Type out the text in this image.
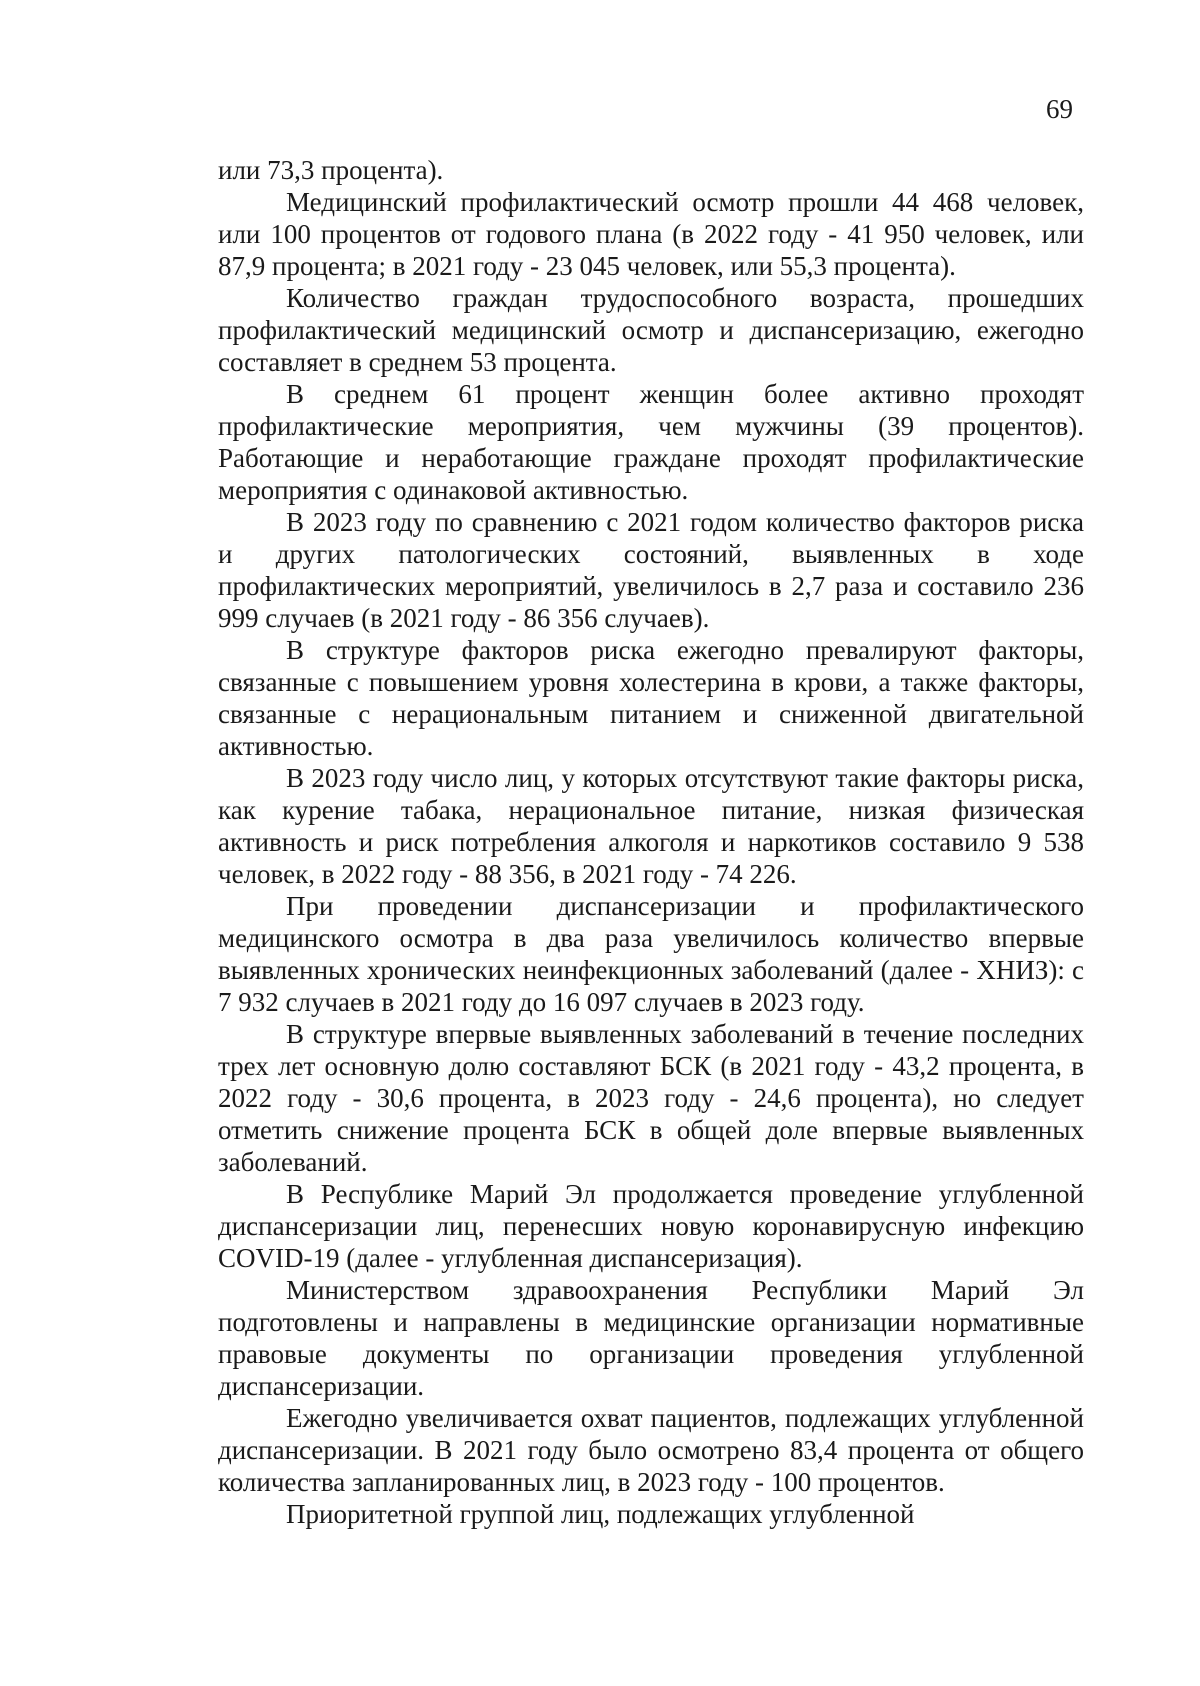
69

или 73,3 процента).

Медицинский профилактический осмотр прошли 44 468 человек, или 100 процентов от годового плана (в 2022 году - 41 950 человек, или 87,9 процента; в 2021 году - 23 045 человек, или 55,3 процента).

Количество граждан трудоспособного возраста, прошедших профилактический медицинский осмотр и диспансеризацию, ежегодно составляет в среднем 53 процента.

В среднем 61 процент женщин более активно проходят профилактические мероприятия, чем мужчины (39 процентов). Работающие и неработающие граждане проходят профилактические мероприятия с одинаковой активностью.

В 2023 году по сравнению с 2021 годом количество факторов риска и других патологических состояний, выявленных в ходе профилактических мероприятий, увеличилось в 2,7 раза и составило 236 999 случаев (в 2021 году - 86 356 случаев).

В структуре факторов риска ежегодно превалируют факторы, связанные с повышением уровня холестерина в крови, а также факторы, связанные с нерациональным питанием и сниженной двигательной активностью.

В 2023 году число лиц, у которых отсутствуют такие факторы риска, как курение табака, нерациональное питание, низкая физическая активность и риск потребления алкоголя и наркотиков составило 9 538 человек, в 2022 году - 88 356, в 2021 году - 74 226.

При проведении диспансеризации и профилактического медицинского осмотра в два раза увеличилось количество впервые выявленных хронических неинфекционных заболеваний (далее - ХНИЗ): с 7 932 случаев в 2021 году до 16 097 случаев в 2023 году.

В структуре впервые выявленных заболеваний в течение последних трех лет основную долю составляют БСК (в 2021 году - 43,2 процента, в 2022 году - 30,6 процента, в 2023 году - 24,6 процента), но следует отметить снижение процента БСК в общей доле впервые выявленных заболеваний.

В Республике Марий Эл продолжается проведение углубленной диспансеризации лиц, перенесших новую коронавирусную инфекцию COVID-19 (далее - углубленная диспансеризация).

Министерством здравоохранения Республики Марий Эл подготовлены и направлены в медицинские организации нормативные правовые документы по организации проведения углубленной диспансеризации.

Ежегодно увеличивается охват пациентов, подлежащих углубленной диспансеризации. В 2021 году было осмотрено 83,4 процента от общего количества запланированных лиц, в 2023 году - 100 процентов.

Приоритетной группой лиц, подлежащих углубленной
